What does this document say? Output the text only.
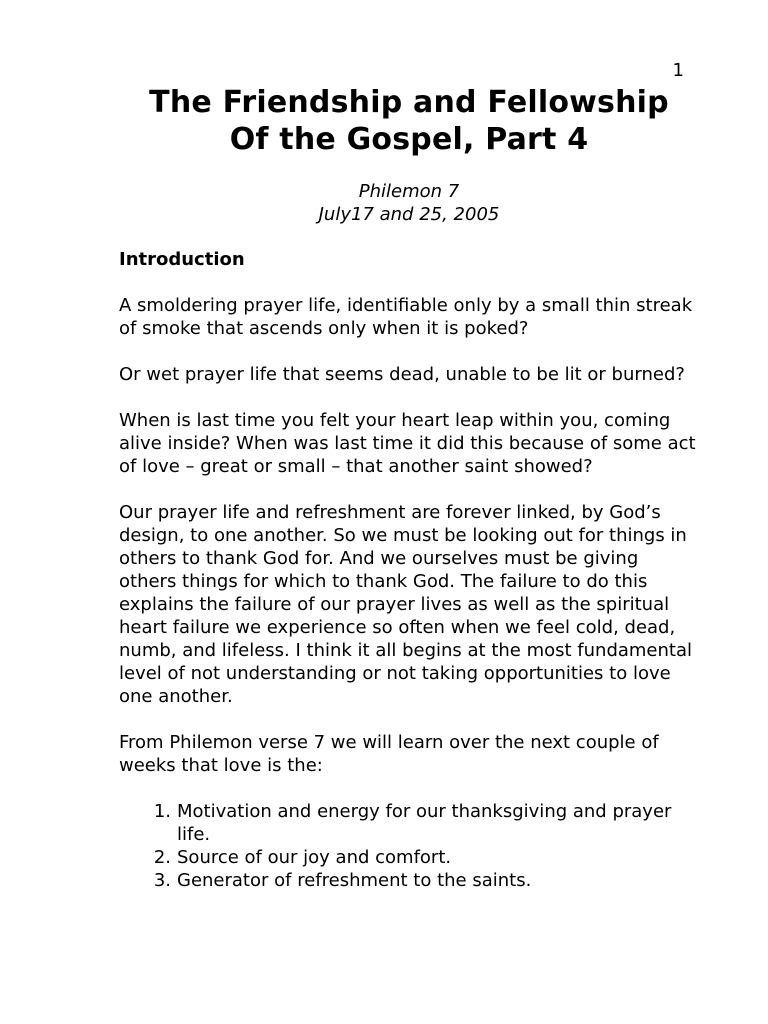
1
The Friendship and Fellowship
Of the Gospel, Part 4
Philemon 7
July17 and 25, 2005
Introduction

A smoldering prayer life, identifiable only by a small thin streak of smoke that ascends only when it is poked?

Or wet prayer life that seems dead, unable to be lit or burned?

When is last time you felt your heart leap within you, coming alive inside? When was last time it did this because of some act of love – great or small – that another saint showed?

Our prayer life and refreshment are forever linked, by God’s design, to one another. So we must be looking out for things in others to thank God for. And we ourselves must be giving others things for which to thank God. The failure to do this explains the failure of our prayer lives as well as the spiritual heart failure we experience so often when we feel cold, dead, numb, and lifeless. I think it all begins at the most fundamental level of not understanding or not taking opportunities to love one another.

From Philemon verse 7 we will learn over the next couple of weeks that love is the:

1. Motivation and energy for our thanksgiving and prayer life.
2. Source of our joy and comfort.
3. Generator of refreshment to the saints.
